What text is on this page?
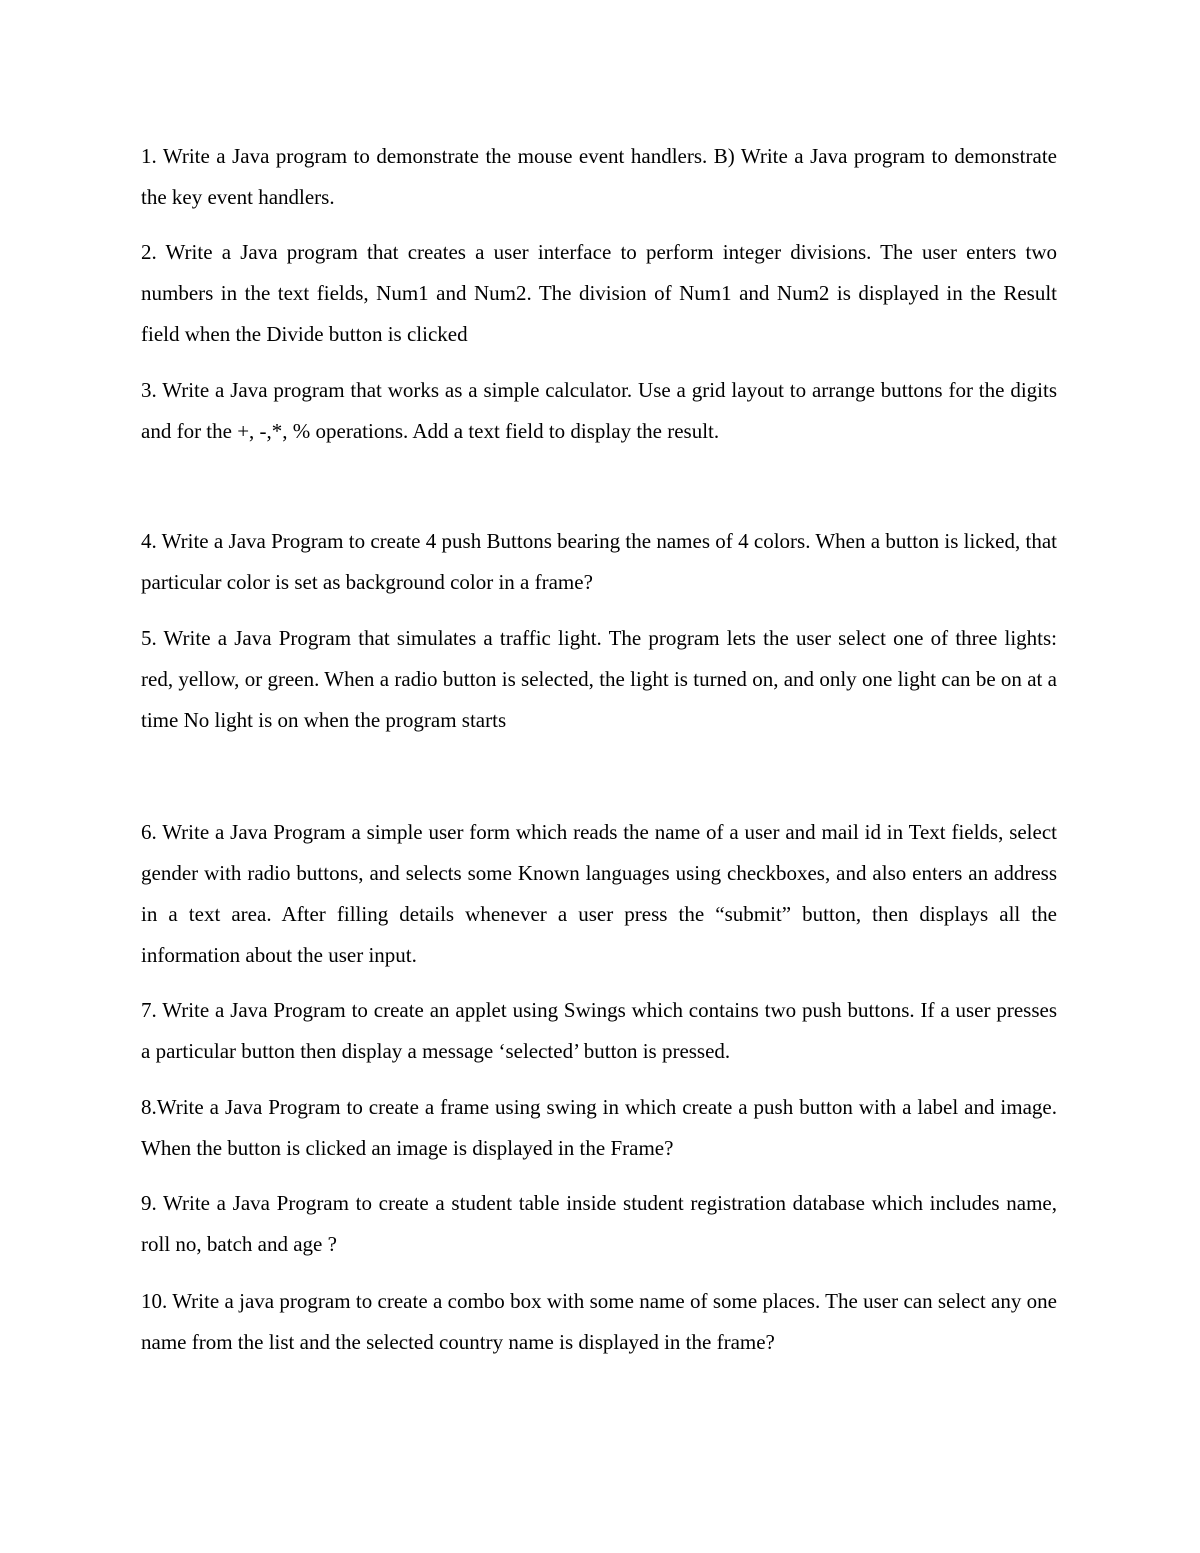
1. Write a Java program to demonstrate the mouse event handlers. B) Write a Java program to demonstrate the key event handlers.

2. Write a Java program that creates a user interface to perform integer divisions. The user enters two numbers in the text fields, Num1 and Num2. The division of Num1 and Num2 is displayed in the Result field when the Divide button is clicked

3. Write a Java program that works as a simple calculator. Use a grid layout to arrange buttons for the digits and for the +, -,*, % operations. Add a text field to display the result.

4. Write a Java Program to create 4 push Buttons bearing the names of 4 colors. When a button is licked, that particular color is set as background color in a frame?

5. Write a Java Program that simulates a traffic light. The program lets the user select one of three lights: red, yellow, or green. When a radio button is selected, the light is turned on, and only one light can be on at a time No light is on when the program starts

6. Write a Java Program a simple user form which reads the name of a user and mail id in Text fields, select gender with radio buttons, and selects some Known languages using checkboxes, and also enters an address in a text area. After filling details whenever a user press the “submit” button, then displays all the information about the user input.

7. Write a Java Program to create an applet using Swings which contains two push buttons. If a user presses a particular button then display a message ‘selected’ button is pressed.

8.Write a Java Program to create a frame using swing in which create a push button with a label and image. When the button is clicked an image is displayed in the Frame?

9. Write a Java Program to create a student table inside student registration database which includes name, roll no, batch and age ?

10. Write a java program to create a combo box with some name of some places. The user can select any one name from the list and the selected country name is displayed in the frame?
